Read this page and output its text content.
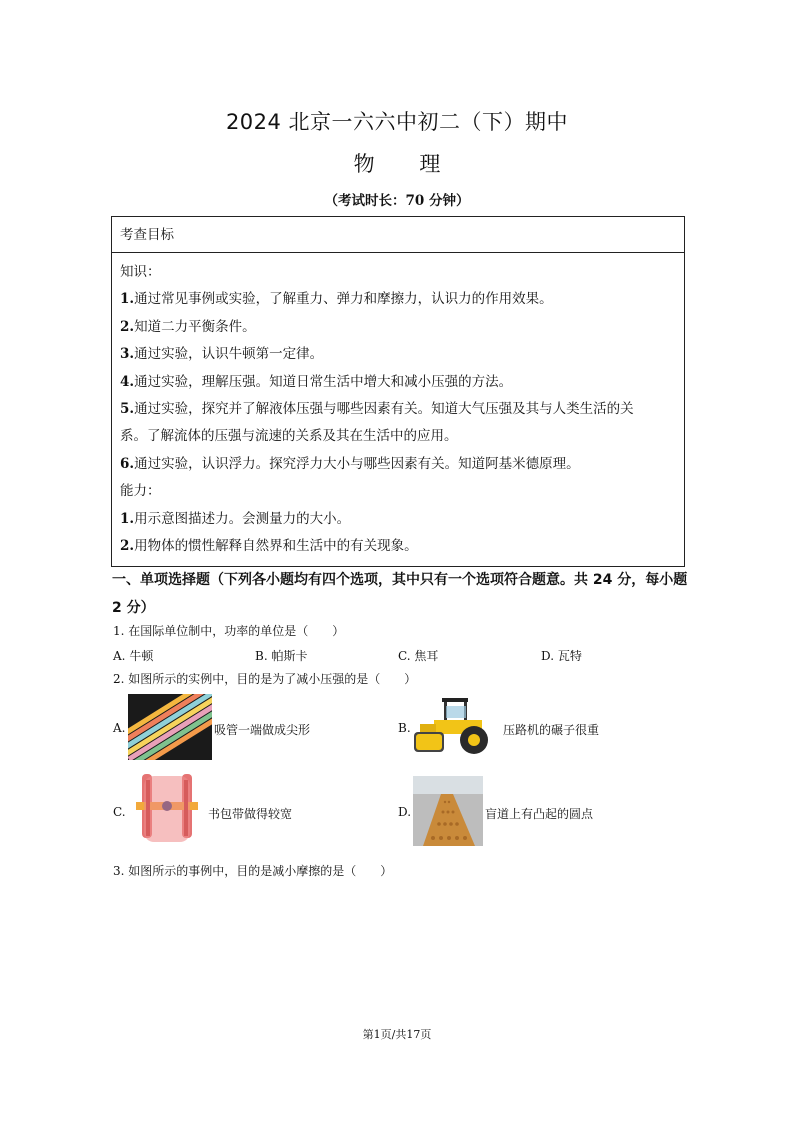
2024 北京一六六中初二（下）期中
物 理
（考试时长：70 分钟）
考查目标
知识：
1.通过常见事例或实验，了解重力、弹力和摩擦力，认识力的作用效果。
2.知道二力平衡条件。
3.通过实验，认识牛顿第一定律。
4.通过实验，理解压强。知道日常生活中增大和减小压强的方法。
5.通过实验，探究并了解液体压强与哪些因素有关。知道大气压强及其与人类生活的关
系。了解流体的压强与流速的关系及其在生活中的应用。
6.通过实验，认识浮力。探究浮力大小与哪些因素有关。知道阿基米德原理。
能力：
1.用示意图描述力。会测量力的大小。
2.用物体的惯性解释自然界和生活中的有关现象。
一、单项选择题（下列各小题均有四个选项，其中只有一个选项符合题意。共 24 分，每小题
2 分）
1. 在国际单位制中，功率的单位是（　　）
A. 牛顿	B. 帕斯卡	C. 焦耳	D. 瓦特
2. 如图所示的实例中，目的是为了减小压强的是（　　）
A.	吸管一端做成尖形	B.	压路机的碾子很重
C.	书包带做得较宽	D.	盲道上有凸起的圆点
3. 如图所示的事例中，目的是减小摩擦的是（　　）
第1页/共17页
